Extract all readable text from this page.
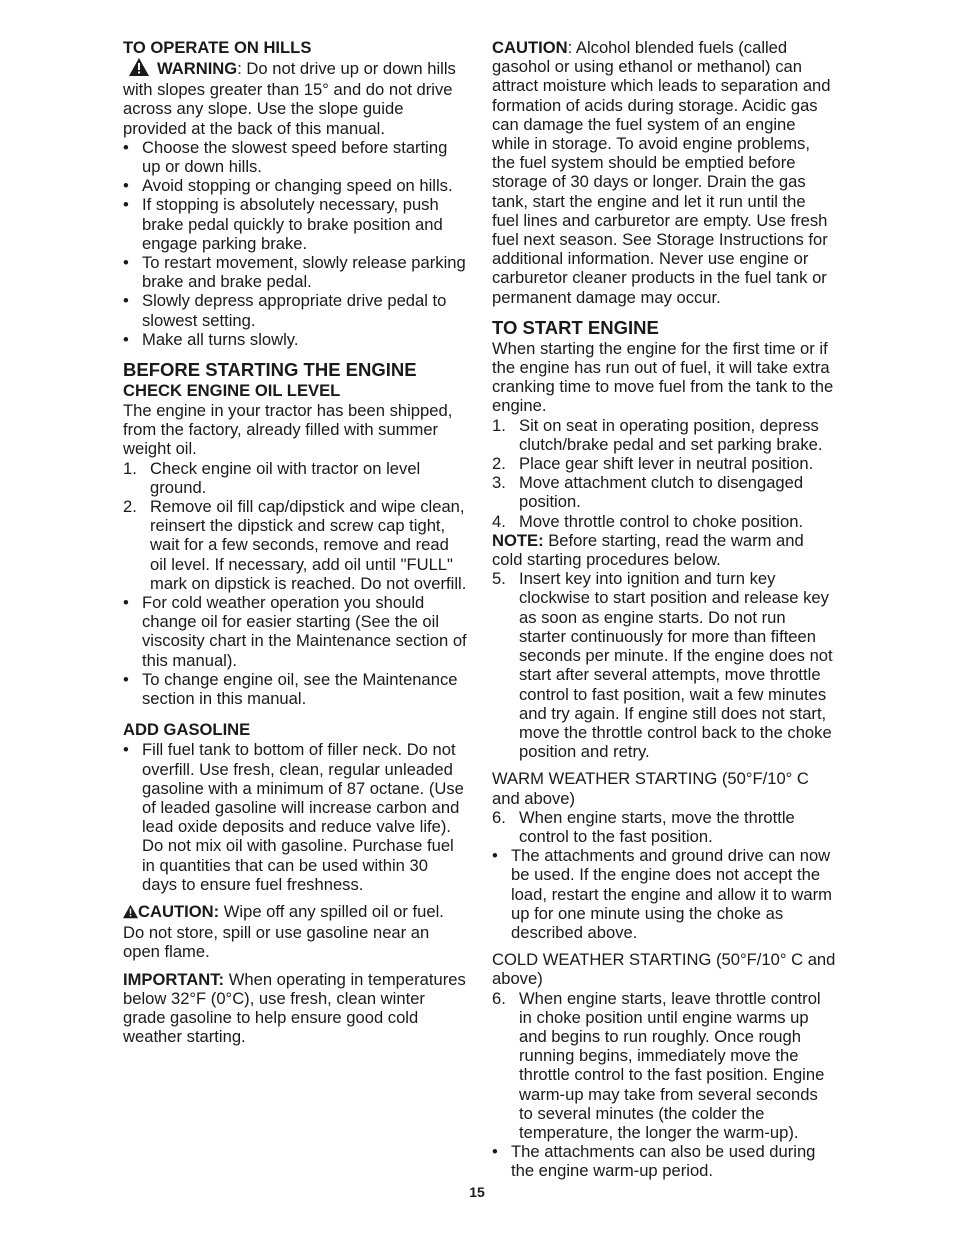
TO OPERATE ON HILLS

WARNING: Do not drive up or down hills with slopes greater than 15° and do not drive across any slope. Use the slope guide provided at the back of this manual.

• Choose the slowest speed before starting up or down hills.
• Avoid stopping or changing speed on hills.
• If stopping is absolutely necessary, push brake pedal quickly to brake position and engage parking brake.
• To restart movement, slowly release parking brake and brake pedal.
• Slowly depress appropriate drive pedal to slowest setting.
• Make all turns slowly.
BEFORE STARTING THE ENGINE
CHECK ENGINE OIL LEVEL

The engine in your tractor has been shipped, from the factory, already filled with summer weight oil.

1. Check engine oil with tractor on level ground.
2. Remove oil fill cap/dipstick and wipe clean, reinsert the dipstick and screw cap tight, wait for a few seconds, remove and read oil level. If necessary, add oil until "FULL" mark on dipstick is reached. Do not overfill.
• For cold weather operation you should change oil for easier starting (See the oil viscosity chart in the Maintenance section of this manual).
• To change engine oil, see the Maintenance section in this manual.
ADD GASOLINE
• Fill fuel tank to bottom of filler neck. Do not overfill. Use fresh, clean, regular unleaded gasoline with a minimum of 87 octane. (Use of leaded gasoline will increase carbon and lead oxide deposits and reduce valve life). Do not mix oil with gasoline. Purchase fuel in quantities that can be used within 30 days to ensure fuel freshness.

CAUTION: Wipe off any spilled oil or fuel. Do not store, spill or use gasoline near an open flame.

IMPORTANT: When operating in temperatures below 32°F (0°C), use fresh, clean winter grade gasoline to help ensure good cold weather starting.

CAUTION: Alcohol blended fuels (called gasohol or using ethanol or methanol) can attract moisture which leads to separation and formation of acids during storage. Acidic gas can damage the fuel system of an engine while in storage. To avoid engine problems, the fuel system should be emptied before storage of 30 days or longer. Drain the gas tank, start the engine and let it run until the fuel lines and carburetor are empty. Use fresh fuel next season. See Storage Instructions for additional information. Never use engine or carburetor cleaner products in the fuel tank or permanent damage may occur.

TO START ENGINE

When starting the engine for the first time or if the engine has run out of fuel, it will take extra cranking time to move fuel from the tank to the engine.

1. Sit on seat in operating position, depress clutch/brake pedal and set parking brake.
2. Place gear shift lever in neutral position.
3. Move attachment clutch to disengaged position.
4. Move throttle control to choke position.

NOTE: Before starting, read the warm and cold starting procedures below.

5. Insert key into ignition and turn key clockwise to start position and release key as soon as engine starts. Do not run starter continuously for more than fifteen seconds per minute. If the engine does not start after several attempts, move throttle control to fast position, wait a few minutes and try again. If engine still does not start, move the throttle control back to the choke position and retry.

WARM WEATHER STARTING (50°F/10° C and above)

6. When engine starts, move the throttle control to the fast position.
• The attachments and ground drive can now be used. If the engine does not accept the load, restart the engine and allow it to warm up for one minute using the choke as described above.

COLD WEATHER STARTING (50°F/10° C and above)

6. When engine starts, leave throttle control in choke position until engine warms up and begins to run roughly. Once rough running begins, immediately move the throttle control to the fast position. Engine warm-up may take from several seconds to several minutes (the colder the temperature, the longer the warm-up).
• The attachments can also be used during the engine warm-up period.
15
